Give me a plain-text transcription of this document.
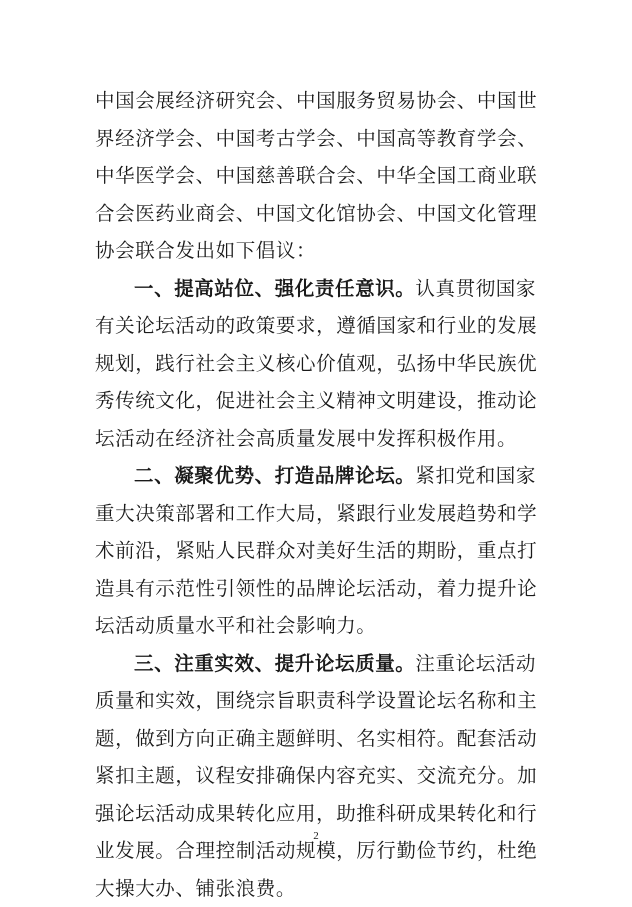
中国会展经济研究会、中国服务贸易协会、中国世界经济学会、中国考古学会、中国高等教育学会、中华医学会、中国慈善联合会、中华全国工商业联合会医药业商会、中国文化馆协会、中国文化管理协会联合发出如下倡议：

一、提高站位、强化责任意识。认真贯彻国家有关论坛活动的政策要求，遵循国家和行业的发展规划，践行社会主义核心价值观，弘扬中华民族优秀传统文化，促进社会主义精神文明建设，推动论坛活动在经济社会高质量发展中发挥积极作用。

二、凝聚优势、打造品牌论坛。紧扣党和国家重大决策部署和工作大局，紧跟行业发展趋势和学术前沿，紧贴人民群众对美好生活的期盼，重点打造具有示范性引领性的品牌论坛活动，着力提升论坛活动质量水平和社会影响力。

三、注重实效、提升论坛质量。注重论坛活动质量和实效，围绕宗旨职责科学设置论坛名称和主题，做到方向正确主题鲜明、名实相符。配套活动紧扣主题，议程安排确保内容充实、交流充分。加强论坛活动成果转化应用，助推科研成果转化和行业发展。合理控制活动规模，厉行勤俭节约，杜绝大操大办、铺张浪费。

2
